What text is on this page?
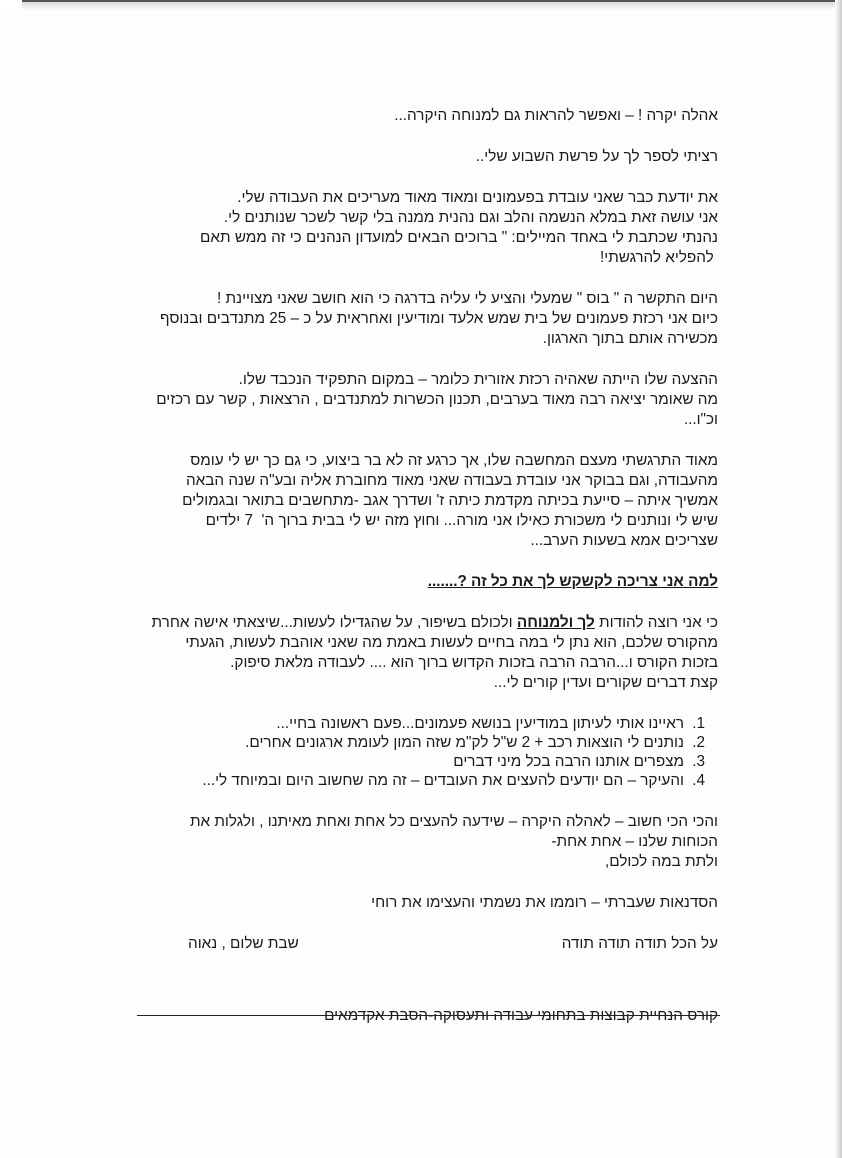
אהלה יקרה ! – ואפשר להראות גם למנוחה היקרה...
רציתי לספר לך על פרשת השבוע שלי..
את יודעת כבר שאני עובדת בפעמונים ומאוד מאוד מעריכים את העבודה שלי.
אני עושה זאת במלא הנשמה והלב וגם נהנית ממנה בלי קשר לשכר שנותנים לי.
נהנתי שכתבת לי באחד המיילים: " ברוכים הבאים למועדון הנהנים כי זה ממש תאם
להפליא להרגשתי!
היום התקשר ה " בוס " שמעלי והציע לי עליה בדרגה כי הוא חושב שאני מצויינת !
כיום אני רכזת פעמונים של בית שמש אלעד ומודיעין ואחראית על כ – 25 מתנדבים ובנוסף
מכשירה אותם בתוך הארגון.
ההצעה שלו הייתה שאהיה רכזת אזורית כלומר – במקום התפקיד הנכבד שלו.
מה שאומר יציאה רבה מאוד בערבים, תכנון הכשרות למתנדבים , הרצאות , קשר עם רכזים
וכ"ו...
מאוד התרגשתי מעצם המחשבה שלו, אך כרגע זה לא בר ביצוע, כי גם כך יש לי עומס
מהעבודה, וגם בבוקר אני עובדת בעבודה שאני מאוד מחוברת אליה ובע"ה שנה הבאה
אמשיך איתה – סייעת בכיתה מקדמת כיתה ז' ושדרך אגב -מתחשבים בתואר ובגמולים
שיש לי ונותנים לי משכורת כאילו אני מורה... וחוץ מזה יש לי בבית ברוך ה'  7 ילדים
שצריכים אמא בשעות הערב...
למה אני צריכה לקשקש לך את כל זה ?.......
כי אני רוצה להודות לך ולמנוחה ולכולם בשיפור, על שהגדילו לעשות...שיצאתי אישה אחרת
מהקורס שלכם, הוא נתן לי במה בחיים לעשות באמת מה שאני אוהבת לעשות, הגעתי
בזכות הקורס ו...הרבה הרבה בזכות הקדוש ברוך הוא .... לעבודה מלאת סיפוק.
קצת דברים שקורים ועדין קורים לי...
1. ראיינו אותי לעיתון במודיעין בנושא פעמונים...פעם ראשונה בחיי...
2. נותנים לי הוצאות רכב + 2 ש"ל לק"מ שזה המון לעומת ארגונים אחרים.
3. מצפרים אותנו הרבה בכל מיני דברים
4. והעיקר – הם יודעים להעצים את העובדים – זה מה שחשוב היום ובמיוחד לי...
והכי הכי חשוב – לאהלה היקרה – שידעה להעצים כל אחת ואחת מאיתנו , ולגלות את
הכוחות שלנו – אחת אחת-
ולתת במה לכולם,
הסדנאות שעברתי – רוממו את נשמתי והעצימו את רוחי
על הכל תודה תודה תודה
שבת שלום , נאוה
קורס הנחיית קבוצות בתחומי עבודה ותעסוקה-הסבת אקדמאים
